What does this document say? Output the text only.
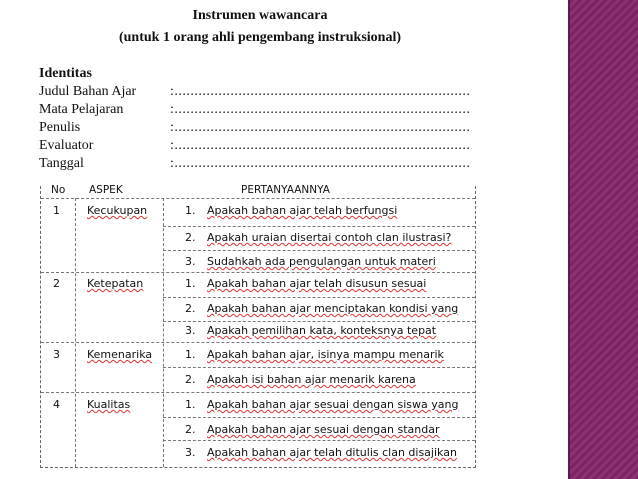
Instrumen wawancara
(untuk 1 orang ahli pengembang instruksional)
Identitas
Judul Bahan Ajar :..........................................................................
Mata Pelajaran	:..........................................................................
Penulis	:..........................................................................
Evaluator	:..........................................................................
Tanggal	:..........................................................................
No ASPEK	PERTANYAANNYA
1 Kecukupan	1. Apakah bahan ajar telah berfungsi
2. Apakah uraian disertai contoh clan ilustrasi?
3. Sudahkah ada pengulangan untuk materi
2 Ketepatan	1. Apakah bahan ajar telah disusun sesuai
2. Apakah bahan ajar menciptakan kondisi yang
3. Apakah pemilihan kata, konteksnya tepat
3 Kemenarika	1. Apakah bahan ajar, isinya mampu menarik
2. Apakah isi bahan ajar menarik karena
4 Kualitas	1. Apakah bahan ajar sesuai dengan siswa yang
2. Apakah bahan ajar sesuai dengan standar
3. Apakah bahan ajar telah ditulis clan disajikan
